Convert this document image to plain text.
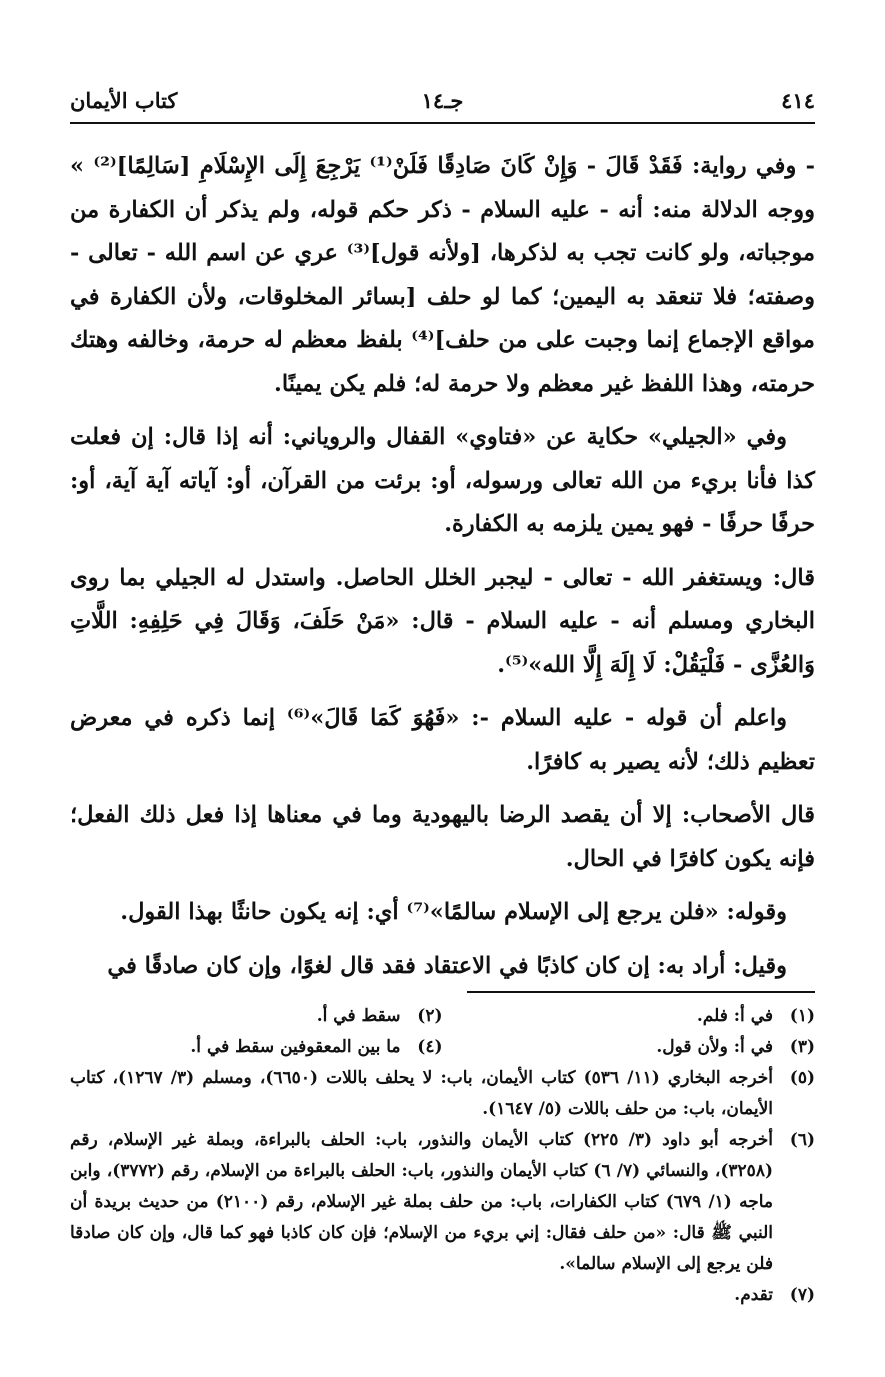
٤١٤
جـ١٤
كتاب الأيمان

- وفي رواية: فَقَدْ قَالَ - وَإِنْ كَانَ صَادِقًا فَلَنْ⁽¹⁾ يَرْجِعَ إِلَى الإِسْلَامِ [سَالِمًا]⁽²⁾ » ووجه الدلالة منه: أنه - عليه السلام - ذكر حكم قوله، ولم يذكر أن الكفارة من موجباته، ولو كانت تجب به لذكرها، [ولأنه قول]⁽³⁾ عري عن اسم الله - تعالى - وصفته؛ فلا تنعقد به اليمين؛ كما لو حلف [بسائر المخلوقات، ولأن الكفارة في مواقع الإجماع إنما وجبت على من حلف]⁽⁴⁾ بلفظ معظم له حرمة، وخالفه وهتك حرمته، وهذا اللفظ غير معظم ولا حرمة له؛ فلم يكن يمينًا.

وفي «الجيلي» حكاية عن «فتاوي» القفال والروياني: أنه إذا قال: إن فعلت كذا فأنا بريء من الله تعالى ورسوله، أو: برئت من القرآن، أو: آياته آية آية، أو: حرفًا حرفًا - فهو يمين يلزمه به الكفارة.

قال: ويستغفر الله - تعالى - ليجبر الخلل الحاصل. واستدل له الجيلي بما روى البخاري ومسلم أنه - عليه السلام - قال: «مَنْ حَلَفَ، وَقَالَ فِي حَلِفِهِ: اللَّاتِ وَالعُزَّى - فَلْيَقُلْ: لَا إِلَهَ إِلَّا الله»⁽⁵⁾.

واعلم أن قوله - عليه السلام -: «فَهُوَ كَمَا قَالَ»⁽⁶⁾ إنما ذكره في معرض تعظيم ذلك؛ لأنه يصير به كافرًا.

قال الأصحاب: إلا أن يقصد الرضا باليهودية وما في معناها إذا فعل ذلك الفعل؛ فإنه يكون كافرًا في الحال.

وقوله: «فلن يرجع إلى الإسلام سالمًا»⁽⁷⁾ أي: إنه يكون حانثًا بهذا القول.

وقيل: أراد به: إن كان كاذبًا في الاعتقاد فقد قال لغوًا، وإن كان صادقًا في

(١)
في أ: فلم.
(٢)
سقط في أ.
(٣)
في أ: ولأن قول.
(٤)
ما بين المعقوفين سقط في أ.
(٥)
أخرجه البخاري (١١/ ٥٣٦) كتاب الأيمان، باب: لا يحلف باللات (٦٦٥٠)، ومسلم (٣/ ١٢٦٧)، كتاب الأيمان، باب: من حلف باللات (٥/ ١٦٤٧).
(٦)
أخرجه أبو داود (٣/ ٢٢٥) كتاب الأيمان والنذور، باب: الحلف بالبراءة، وبملة غير الإسلام، رقم (٣٢٥٨)، والنسائي (٧/ ٦) كتاب الأيمان والنذور، باب: الحلف بالبراءة من الإسلام، رقم (٣٧٧٢)، وابن ماجه (١/ ٦٧٩) كتاب الكفارات، باب: من حلف بملة غير الإسلام، رقم (٢١٠٠) من حديث بريدة أن النبي ﷺ قال: «من حلف فقال: إني بريء من الإسلام؛ فإن كان كاذبا فهو كما قال، وإن كان صادقا فلن يرجع إلى الإسلام سالما».
(٧)
تقدم.
